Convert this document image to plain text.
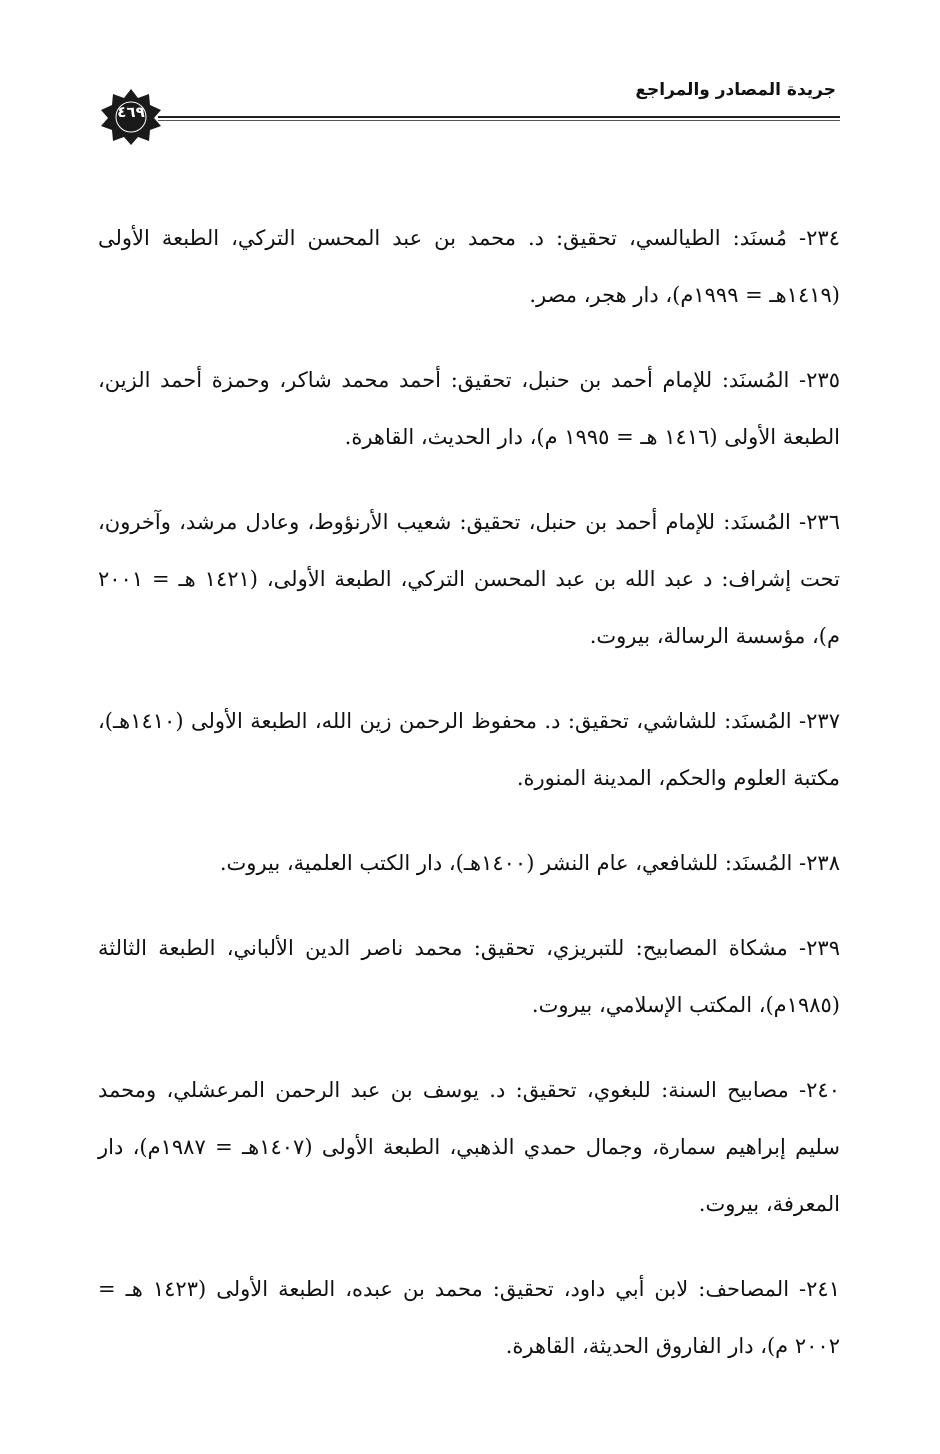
جريدة المصادر والمراجع
٤٦٩

٢٣٤- مُسنَد: الطيالسي، تحقيق: د. محمد بن عبد المحسن التركي، الطبعة الأولى (١٤١٩هـ = ١٩٩٩م)، دار هجر، مصر.

٢٣٥- المُسنَد: للإمام أحمد بن حنبل، تحقيق: أحمد محمد شاكر، وحمزة أحمد الزين، الطبعة الأولى (١٤١٦ هـ = ١٩٩٥ م)، دار الحديث، القاهرة.

٢٣٦- المُسنَد: للإمام أحمد بن حنبل، تحقيق: شعيب الأرنؤوط، وعادل مرشد، وآخرون، تحت إشراف: د عبد الله بن عبد المحسن التركي، الطبعة الأولى، (١٤٢١ هـ = ٢٠٠١ م)، مؤسسة الرسالة، بيروت.

٢٣٧- المُسنَد: للشاشي، تحقيق: د. محفوظ الرحمن زين الله، الطبعة الأولى (١٤١٠هـ)، مكتبة العلوم والحكم، المدينة المنورة.

٢٣٨- المُسنَد: للشافعي، عام النشر (١٤٠٠هـ)، دار الكتب العلمية، بيروت.

٢٣٩- مشكاة المصابيح: للتبريزي، تحقيق: محمد ناصر الدين الألباني، الطبعة الثالثة (١٩٨٥م)، المكتب الإسلامي، بيروت.

٢٤٠- مصابيح السنة: للبغوي، تحقيق: د. يوسف بن عبد الرحمن المرعشلي، ومحمد سليم إبراهيم سمارة، وجمال حمدي الذهبي، الطبعة الأولى (١٤٠٧هـ = ١٩٨٧م)، دار المعرفة، بيروت.

٢٤١- المصاحف: لابن أبي داود، تحقيق: محمد بن عبده، الطبعة الأولى (١٤٢٣ هـ = ٢٠٠٢ م)، دار الفاروق الحديثة، القاهرة.
